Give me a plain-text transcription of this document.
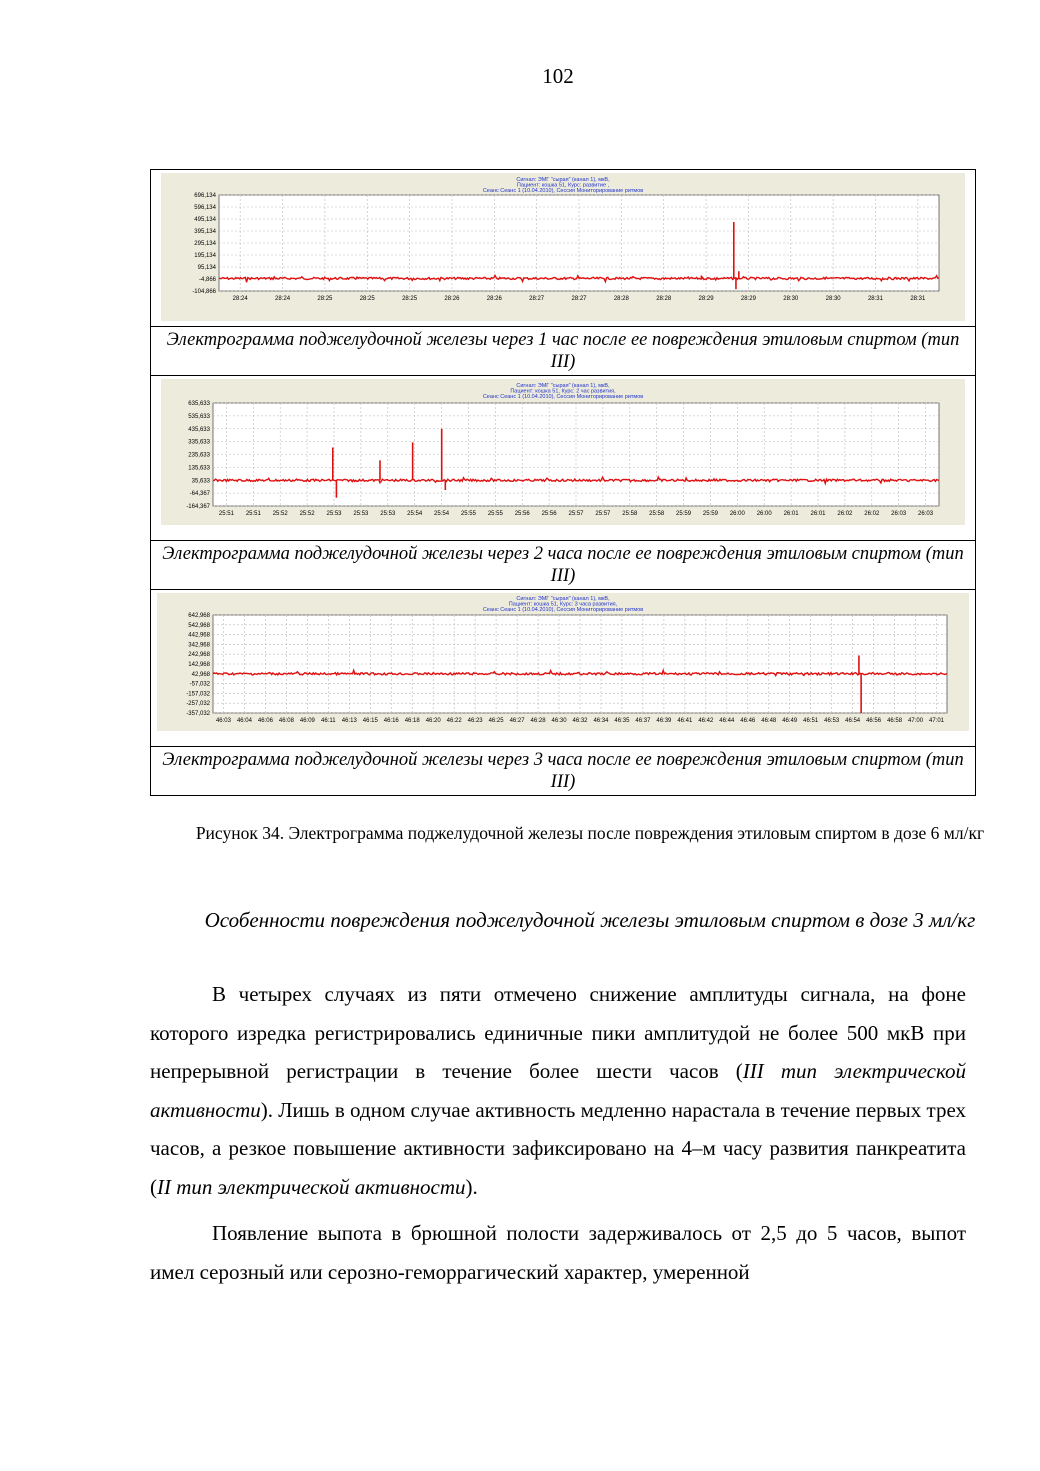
102
Сигнал: ЭМГ "сырая" (канал 1), мкВ,
Пациент: кошка 51, Курс: развитие ,
Сеанс Сеанс 1 (10.04.2010), Сессия Мониторирование ритмов
696,134
596,134
495,134
395,134
295,134
195,134
95,134
-4,866
-104,866
28:24	28:24	28:25	28:25	28:25	28:26	28:26	28:27	28:27	28:28	28:28	28:29	28:29	28:30	28:30	28:31	28:31

Электрограмма поджелудочной железы через 1 час после ее повреждения этиловым спиртом (тип III)

Сигнал: ЭМГ "сырая" (канал 1), мкВ,
Пациент: кошка 51, Курс: 2 час развития,
Сеанс Сеанс 1 (10.04.2010), Сессия Мониторирование ритмов
635,633
535,633
435,633
335,633
235,633
135,633
35,633
-64,367
-164,367
25:51 25:51 25:52 25:52 25:53 25:53 25:53 25:54 25:54 25:55 25:55 25:56 25:56 25:57 25:57 25:58 25:58 25:59 25:59 26:00 26:00 26:01 26:01 26:02 26:02 26:03 26:03

Электрограмма поджелудочной железы через 2 часа после ее повреждения этиловым спиртом (тип III)

Сигнал: ЭМГ "сырая" (канал 1), мкВ,
Пациент: кошка 51, Курс: 3 часа развития,
Сеанс Сеанс 1 (10.04.2010), Сессия Мониторирование ритмов
642,968
542,968
442,968
342,968
242,968
142,968
42,968
-57,032
-157,032
-257,032
-357,032
46:03 46:04 46:06 46:08 46:09 46:11 46:13 46:15 46:16 46:18 46:20 46:22 46:23 46:25 46:27 46:28 46:30 46:32 46:34 46:35 46:37 46:39 46:41 46:42 46:44 46:46 46:48 46:49 46:51 46:53 46:54 46:56 46:58 47:00 47:01

Электрограмма поджелудочной железы через 3 часа после ее повреждения этиловым спиртом (тип III)
Рисунок 34. Электрограмма поджелудочной железы после повреждения этиловым спиртом в дозе 6 мл/кг
Особенности повреждения поджелудочной железы этиловым спиртом в дозе 3 мл/кг

В четырех случаях из пяти отмечено снижение амплитуды сигнала, на фоне которого изредка регистрировались единичные пики амплитудой не более 500 мкВ при непрерывной регистрации в течение более шести часов (III тип электрической активности). Лишь в одном случае активность медленно нарастала в течение первых трех часов, а резкое повышение активности зафиксировано на 4–м часу развития панкреатита (II тип электрической активности).

Появление выпота в брюшной полости задерживалось от 2,5 до 5 часов, выпот имел серозный или серозно-геморрагический характер, умеренной
